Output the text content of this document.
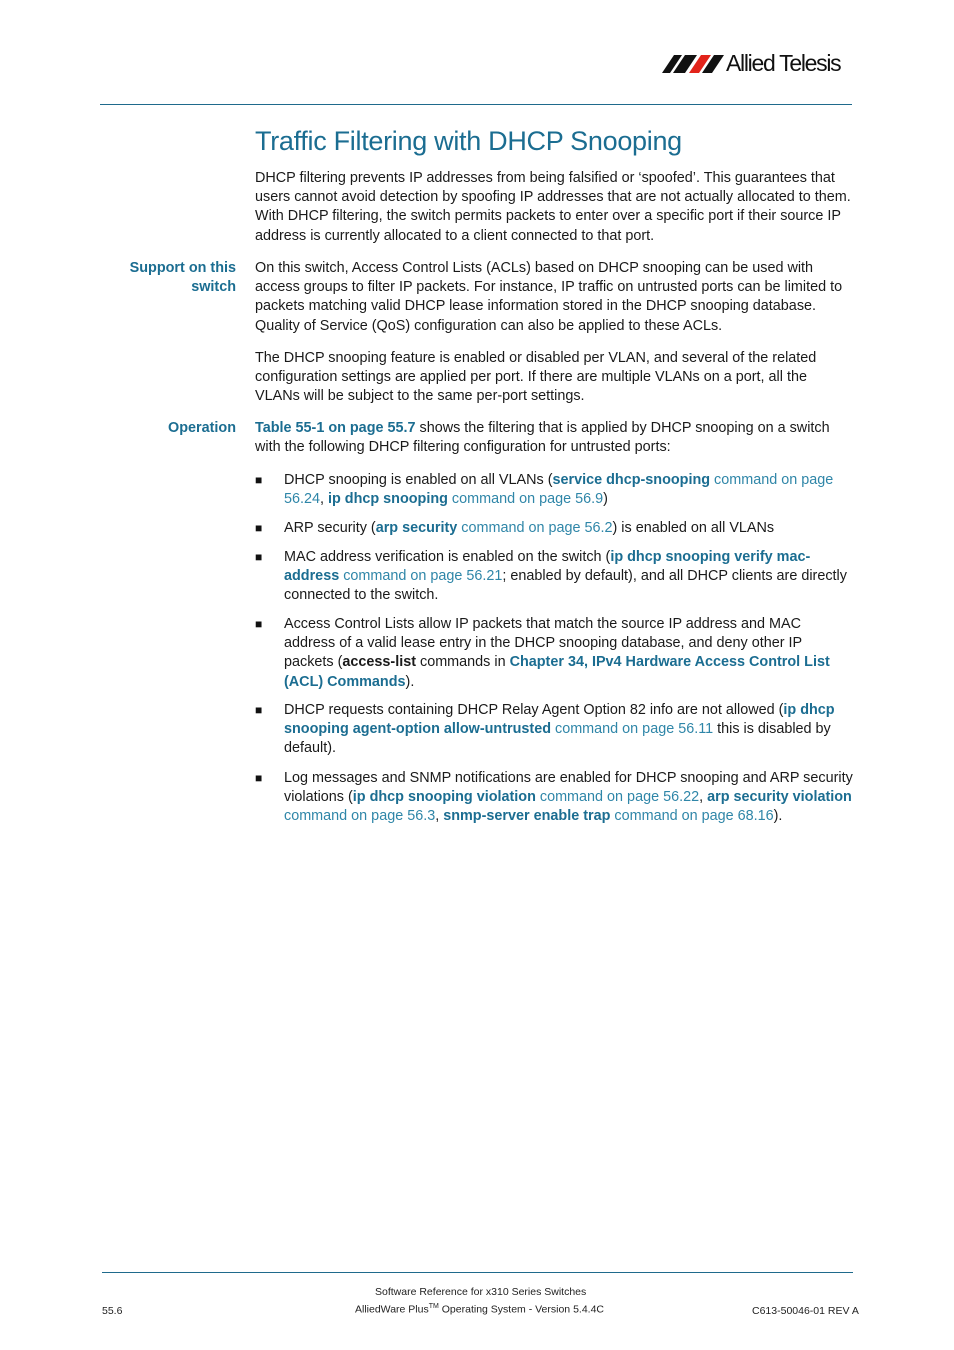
Allied Telesis
Traffic Filtering with DHCP Snooping

DHCP filtering prevents IP addresses from being falsified or ‘spoofed’. This guarantees that users cannot avoid detection by spoofing IP addresses that are not actually allocated to them. With DHCP filtering, the switch permits packets to enter over a specific port if their source IP address is currently allocated to a client connected to that port.

Support on this
switch

On this switch, Access Control Lists (ACLs) based on DHCP snooping can be used with access groups to filter IP packets. For instance, IP traffic on untrusted ports can be limited to packets matching valid DHCP lease information stored in the DHCP snooping database. Quality of Service (QoS) configuration can also be applied to these ACLs.

The DHCP snooping feature is enabled or disabled per VLAN, and several of the related configuration settings are applied per port. If there are multiple VLANs on a port, all the VLANs will be subject to the same per-port settings.

Operation Table 55-1 on page 55.7 shows the filtering that is applied by DHCP snooping on a switch with the following DHCP filtering configuration for untrusted ports:

■ DHCP snooping is enabled on all VLANs (service dhcp-snooping command on page 56.24, ip dhcp snooping command on page 56.9)
■ ARP security (arp security command on page 56.2) is enabled on all VLANs
■ MAC address verification is enabled on the switch (ip dhcp snooping verify mac-address command on page 56.21; enabled by default), and all DHCP clients are directly connected to the switch.
■ Access Control Lists allow IP packets that match the source IP address and MAC address of a valid lease entry in the DHCP snooping database, and deny other IP packets (access-list commands in Chapter 34, IPv4 Hardware Access Control List (ACL) Commands).
■ DHCP requests containing DHCP Relay Agent Option 82 info are not allowed (ip dhcp snooping agent-option allow-untrusted command on page 56.11 this is disabled by default).
■ Log messages and SNMP notifications are enabled for DHCP snooping and ARP security violations (ip dhcp snooping violation command on page 56.22, arp security violation command on page 56.3, snmp-server enable trap command on page 68.16).
Software Reference for x310 Series Switches
55.6	AlliedWare Plus™ Operating System - Version 5.4.4C	C613-50046-01 REV A
